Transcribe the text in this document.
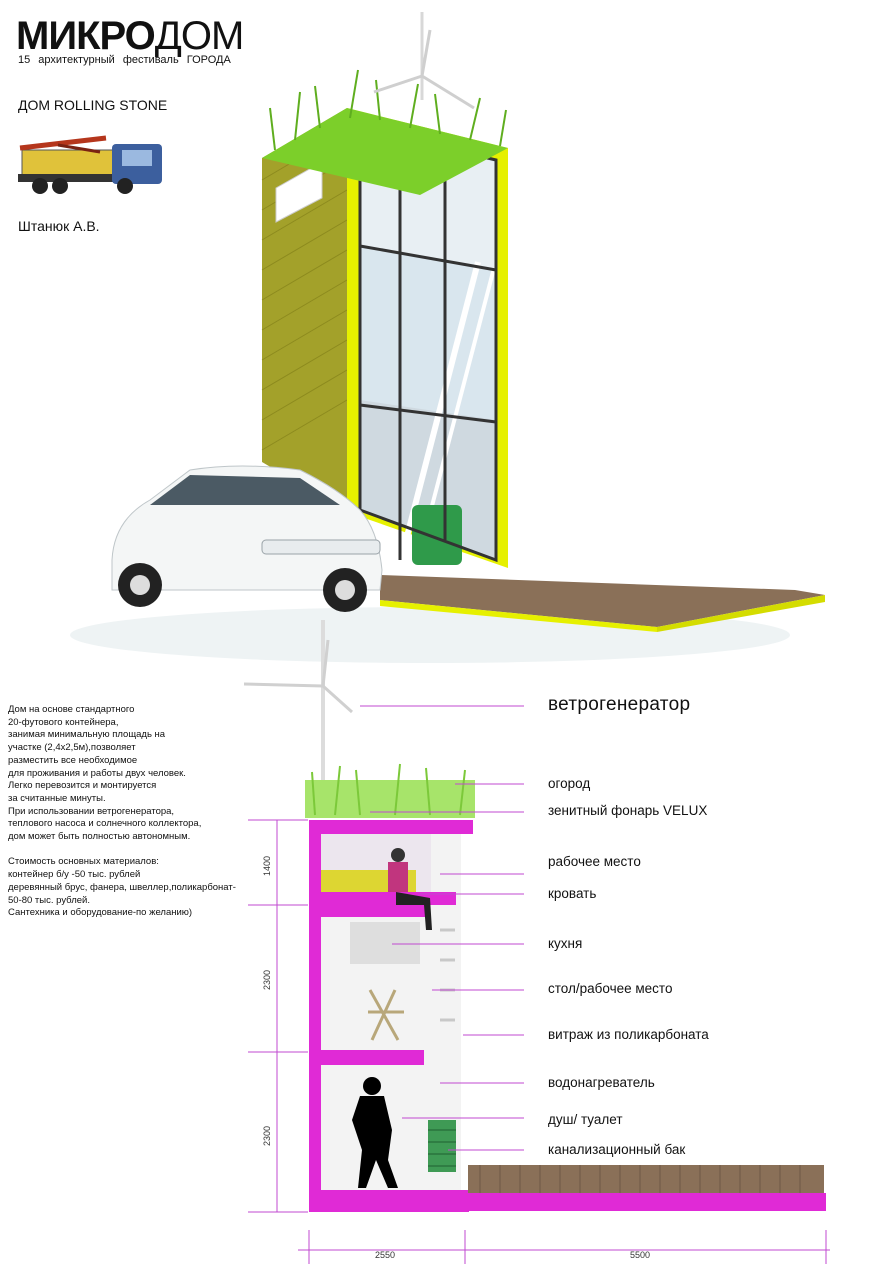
МИКРОДОМ
15 архитектурный фестиваль ГОРОДА
ДОМ ROLLING STONE
Штанюк А.В.
Дом на основе стандартного
20-футового контейнера,
занимая минимальную площадь на
участке (2,4х2,5м),позволяет
разместить все необходимое
для проживания и работы двух человек.
Легко перевозится и монтируется
за считанные минуты.
При использовании ветрогенератора,
теплового насоса и солнечного коллектора,
дом может быть полностью автономным.

Стоимость основных материалов:
контейнер б/у -50 тыс. рублей
деревянный брус, фанера, швеллер,поликарбонат-
50-80 тыс. рублей.
Сантехника и оборудование-по желанию)
ветрогенератор
огород
зенитный фонарь VELUX
рабочее место
кровать
кухня
стол/рабочее место
витраж из поликарбоната
водонагреватель
душ/ туалет
канализационный бак
1400
2300
2300
2550	5500
